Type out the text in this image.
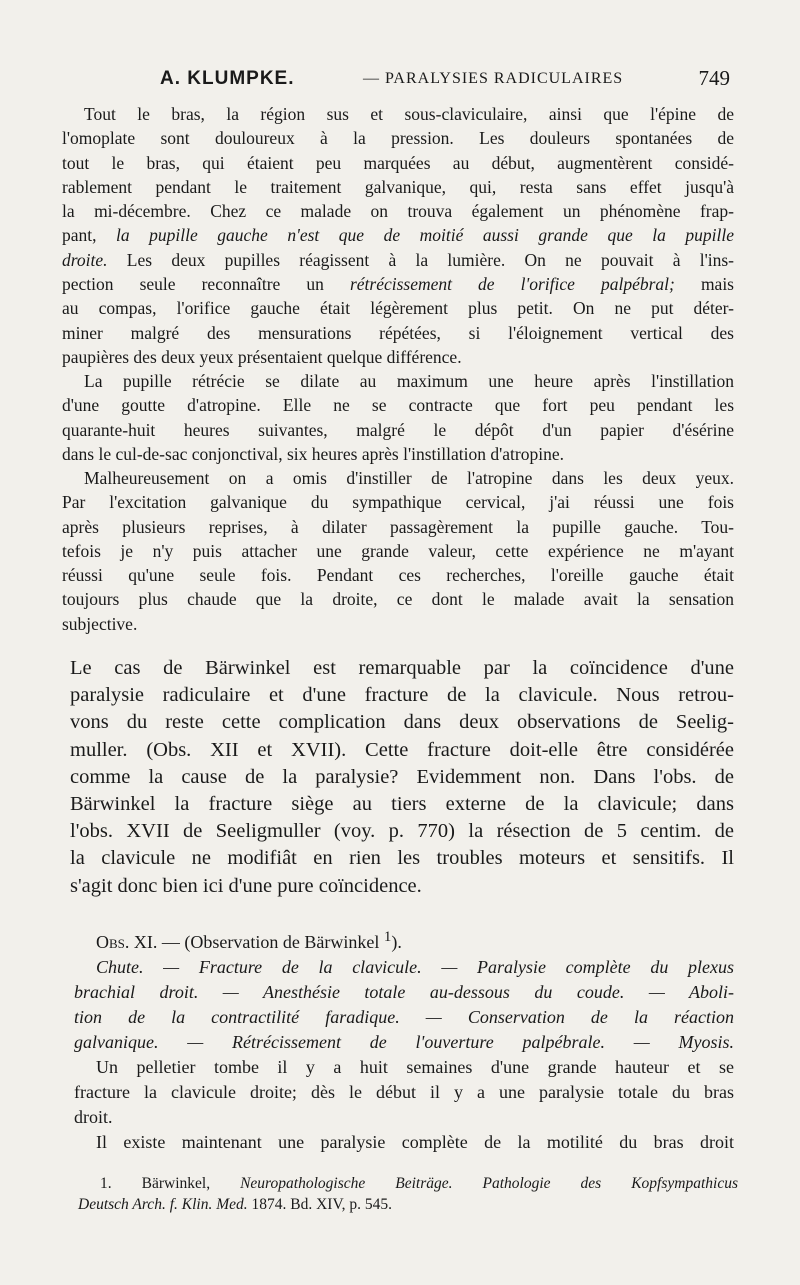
A. KLUMPKE.	— PARALYSIES RADICULAIRES	749
Tout le bras, la région sus et sous-claviculaire, ainsi que l'épine de
l'omoplate sont douloureux à la pression. Les douleurs spontanées de
tout le bras, qui étaient peu marquées au début, augmentèrent considé-
rablement pendant le traitement galvanique, qui, resta sans effet jusqu'à
la mi-décembre. Chez ce malade on trouva également un phénomène frap-
pant, la pupille gauche n'est que de moitié aussi grande que la pupille
droite. Les deux pupilles réagissent à la lumière. On ne pouvait à l'ins-
pection seule reconnaître un rétrécissement de l'orifice palpébral; mais
au compas, l'orifice gauche était légèrement plus petit. On ne put déter-
miner malgré des mensurations répétées, si l'éloignement vertical des
paupières des deux yeux présentaient quelque différence.
La pupille rétrécie se dilate au maximum une heure après l'instillation
d'une goutte d'atropine. Elle ne se contracte que fort peu pendant les
quarante-huit heures suivantes, malgré le dépôt d'un papier d'ésérine
dans le cul-de-sac conjonctival, six heures après l'instillation d'atropine.
Malheureusement on a omis d'instiller de l'atropine dans les deux yeux.
Par l'excitation galvanique du sympathique cervical, j'ai réussi une fois
après plusieurs reprises, à dilater passagèrement la pupille gauche. Tou-
tefois je n'y puis attacher une grande valeur, cette expérience ne m'ayant
réussi qu'une seule fois. Pendant ces recherches, l'oreille gauche était
toujours plus chaude que la droite, ce dont le malade avait la sensation
subjective.
Le cas de Bärwinkel est remarquable par la coïncidence d'une
paralysie radiculaire et d'une fracture de la clavicule. Nous retrou-
vons du reste cette complication dans deux observations de Seelig-
muller. (Obs. XII et XVII). Cette fracture doit-elle être considérée
comme la cause de la paralysie? Evidemment non. Dans l'obs. de
Bärwinkel la fracture siège au tiers externe de la clavicule; dans
l'obs. XVII de Seeligmuller (voy. p. 770) la résection de 5 centim. de
la clavicule ne modifiât en rien les troubles moteurs et sensitifs. Il
s'agit donc bien ici d'une pure coïncidence.
Obs. XI. — (Observation de Bärwinkel $^1$).
Chute. — Fracture de la clavicule. — Paralysie complète du plexus
brachial droit. — Anesthésie totale au-dessous du coude. — Aboli-
tion de la contractilité faradique. — Conservation de la réaction
galvanique. — Rétrécissement de l'ouverture palpébrale. — Myosis.
Un pelletier tombe il y a huit semaines d'une grande hauteur et se
fracture la clavicule droite; dès le début il y a une paralysie totale du bras
droit.
Il existe maintenant une paralysie complète de la motilité du bras droit
1. Bärwinkel, Neuropathologische Beiträge. Pathologie des Kopfsympathicus
Deutsch Arch. f. Klin. Med. 1874. Bd. XIV, p. 545.
